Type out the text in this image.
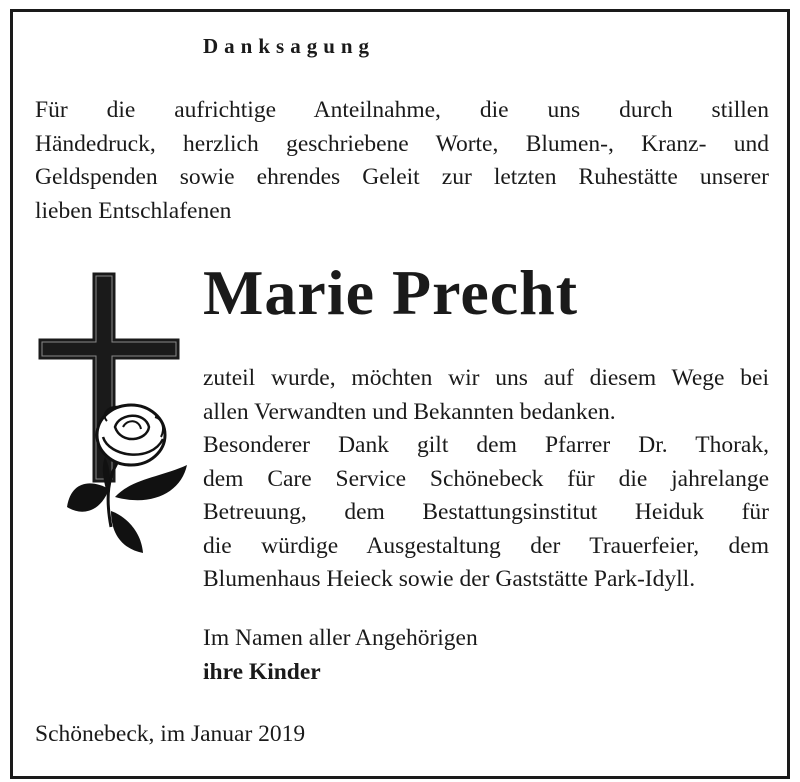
Danksagung
Für die aufrichtige Anteilnahme, die uns durch stillen
Händedruck, herzlich geschriebene Worte, Blumen-, Kranz- und
Geldspenden sowie ehrendes Geleit zur letzten Ruhestätte unserer
lieben Entschlafenen
Marie Precht
zuteil wurde, möchten wir uns auf diesem Wege bei
allen Verwandten und Bekannten bedanken.
Besonderer Dank gilt dem Pfarrer Dr. Thorak,
dem Care Service Schönebeck für die jahrelange
Betreuung, dem Bestattungsinstitut Heiduk für
die würdige Ausgestaltung der Trauerfeier, dem
Blumenhaus Heieck sowie der Gaststätte Park-Idyll.
Im Namen aller Angehörigen
ihre Kinder
Schönebeck, im Januar 2019
